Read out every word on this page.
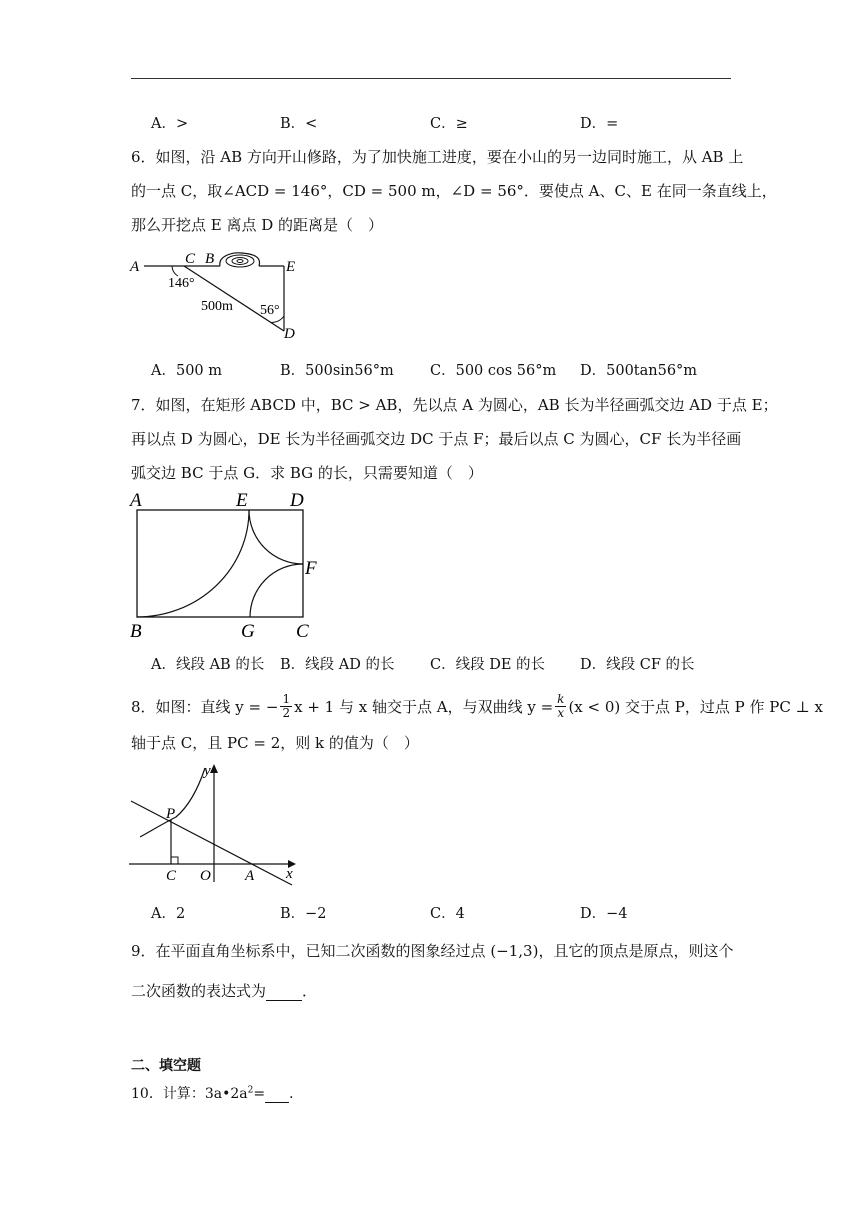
A．>	B．<	C．≥	D．=
6．如图，沿 AB 方向开山修路，为了加快施工进度，要在小山的另一边同时施工，从 AB 上
的一点 C，取∠ACD = 146°，CD = 500 m，∠D = 56°．要使点 A、C、E 在同一条直线上，
那么开挖点 E 离点 D 的距离是（　）
A	C B	E
D
146°
500m 56°
A．500 m	B．500sin56°m	C．500 cos 56°m D．500tan56°m
7．如图，在矩形 ABCD 中，BC > AB，先以点 A 为圆心，AB 长为半径画弧交边 AD 于点 E；
再以点 D 为圆心，DE 长为半径画弧交边 DC 于点 F；最后以点 C 为圆心，CF 长为半径画
弧交边 BC 于点 G．求 BG 的长，只需要知道（　）
A	E D
F
B	G C
A．线段 AB 的长 B．线段 AD 的长 C．线段 DE 的长 D．线段 CF 的长
8．如图：直线 y = − $\frac{1}{2}$ x + 1 与 x 轴交于点 A，与双曲线 $y = \frac{k}{x} (x < 0)$ 交于点 P，过点 P 作 PC ⊥ x
轴于点 C，且 PC = 2，则 k 的值为（　）
y
P
C O A x
A．2	B．−2	C．4	D．−4
9．在平面直角坐标系中，已知二次函数的图象经过点 (−1,3)，且它的顶点是原点，则这个
二次函数的表达式为 ．
二、填空题
10．计算：$3a•2a^2=$ ．
